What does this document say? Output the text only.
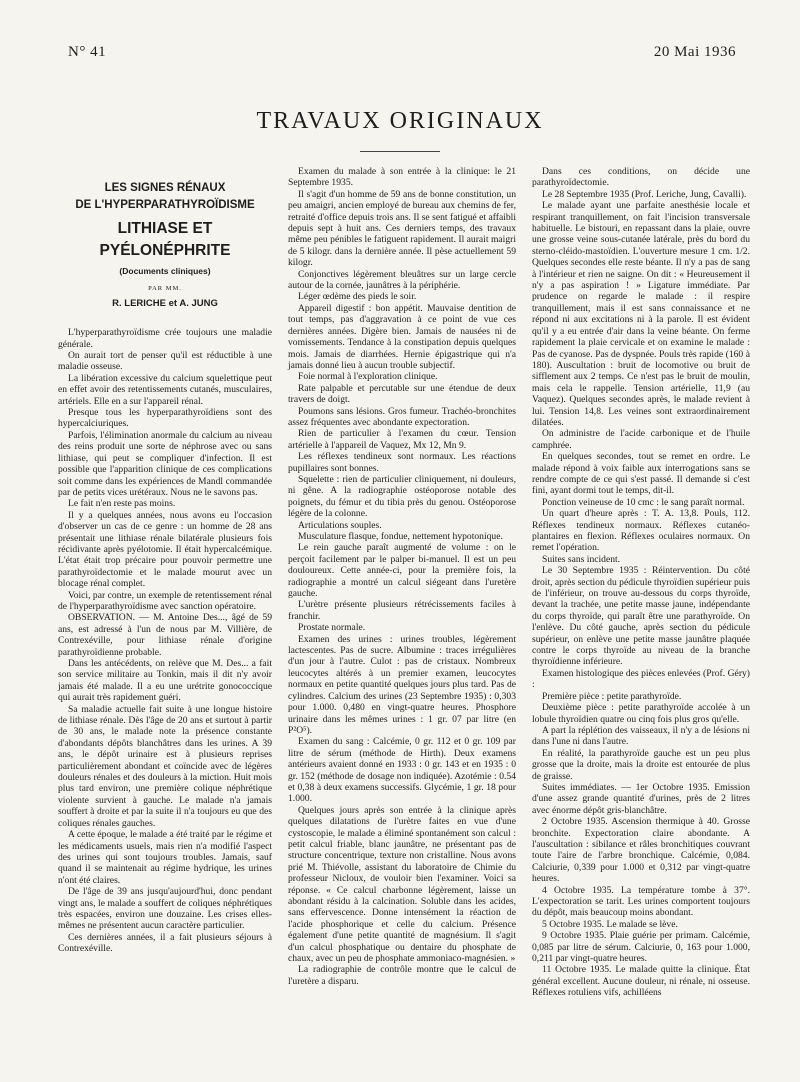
N° 41	20 Mai 1936
TRAVAUX ORIGINAUX
LES SIGNES RÉNAUX
DE L'HYPERPARATHYROÏDISME
LITHIASE ET PYÉLONÉPHRITE
(Documents cliniques)
PAR MM.
R. LERICHE et A. JUNG

L'hyperparathyroïdisme crée toujours une maladie générale.

On aurait tort de penser qu'il est réductible à une maladie osseuse.

La libération excessive du calcium squelettique peut en effet avoir des retentissements cutanés, musculaires, artériels. Elle en a sur l'appareil rénal.

Presque tous les hyperparathyroïdiens sont des hypercalciuriques.

Parfois, l'élimination anormale du calcium au niveau des reins produit une sorte de néphrose avec ou sans lithiase, qui peut se compliquer d'infection. Il est possible que l'apparition clinique de ces complications soit comme dans les expériences de Mandl commandée par de petits vices urétéraux. Nous ne le savons pas.

Le fait n'en reste pas moins.

Il y a quelques années, nous avons eu l'occasion d'observer un cas de ce genre : un homme de 28 ans présentait une lithiase rénale bilatérale plusieurs fois récidivante après pyélotomie. Il était hypercalcémique. L'état était trop précaire pour pouvoir permettre une parathyroïdectomie et le malade mourut avec un blocage rénal complet.

Voici, par contre, un exemple de retentissement rénal de l'hyperparathyroïdisme avec sanction opératoire.

OBSERVATION. — M. Antoine Des..., âgé de 59 ans, est adressé à l'un de nous par M. Villière, de Contrexéville, pour lithiase rénale d'origine parathyroïdienne probable.

Dans les antécédents, on relève que M. Des... a fait son service militaire au Tonkin, mais il dit n'y avoir jamais été malade. Il a eu une urétrite gonococcique qui aurait très rapidement guéri.

Sa maladie actuelle fait suite à une longue histoire de lithiase rénale. Dès l'âge de 20 ans et surtout à partir de 30 ans, le malade note la présence constante d'abondants dépôts blanchâtres dans les urines. A 39 ans, le dépôt urinaire est à plusieurs reprises particulièrement abondant et coïncide avec de légères douleurs rénales et des douleurs à la miction. Huit mois plus tard environ, une première colique néphrétique violente survient à gauche. Le malade n'a jamais souffert à droite et par la suite il n'a toujours eu que des coliques rénales gauches.

A cette époque, le malade a été traité par le régime et les médicaments usuels, mais rien n'a modifié l'aspect des urines qui sont toujours troubles. Jamais, sauf quand il se maintenait au régime hydrique, les urines n'ont été claires.

De l'âge de 39 ans jusqu'aujourd'hui, donc pendant vingt ans, le malade a souffert de coliques néphrétiques très espacées, environ une douzaine. Les crises elles-mêmes ne présentent aucun caractère particulier.

Ces dernières années, il a fait plusieurs séjours à Contrexéville.

Examen du malade à son entrée à la clinique: le 21 Septembre 1935.

Il s'agit d'un homme de 59 ans de bonne constitution, un peu amaigri, ancien employé de bureau aux chemins de fer, retraité d'office depuis trois ans. Il se sent fatigué et affaibli depuis sept à huit ans. Ces derniers temps, des travaux même peu pénibles le fatiguent rapidement. Il aurait maigri de 5 kilogr. dans la dernière année. Il pèse actuellement 59 kilogr.

Conjonctives légèrement bleuâtres sur un large cercle autour de la cornée, jaunâtres à la périphérie.

Léger œdème des pieds le soir.

Appareil digestif : bon appétit. Mauvaise dentition de tout temps, pas d'aggravation à ce point de vue ces dernières années. Digère bien. Jamais de nausées ni de vomissements. Tendance à la constipation depuis quelques mois. Jamais de diarrhées. Hernie épigastrique qui n'a jamais donné lieu à aucun trouble subjectif.

Foie normal à l'exploration clinique.

Rate palpable et percutable sur une étendue de deux travers de doigt.

Poumons sans lésions. Gros fumeur. Trachéo-bronchites assez fréquentes avec abondante expectoration.

Rien de particulier à l'examen du cœur. Tension artérielle à l'appareil de Vaquez, Mx 12, Mn 9.

Les réflexes tendineux sont normaux. Les réactions pupillaires sont bonnes.

Squelette : rien de particulier cliniquement, ni douleurs, ni gêne. A la radiographie ostéoporose notable des poignets, du fémur et du tibia près du genou. Ostéoporose légère de la colonne.

Articulations souples.

Musculature flasque, fondue, nettement hypotonique.

Le rein gauche paraît augmenté de volume : on le perçoit facilement par le palper bi-manuel. Il est un peu douloureux. Cette année-ci, pour la première fois, la radiographie a montré un calcul siégeant dans l'uretère gauche.

L'urètre présente plusieurs rétrécissements faciles à franchir.

Prostate normale.

Examen des urines : urines troubles, légèrement lactescentes. Pas de sucre. Albumine : traces irrégulières d'un jour à l'autre. Culot : pas de cristaux. Nombreux leucocytes altérés à un premier examen, leucocytes normaux en petite quantité quelques jours plus tard. Pas de cylindres. Calcium des urines (23 Septembre 1935) : 0,303 pour 1.000. 0,480 en vingt-quatre heures. Phosphore urinaire dans les mêmes urines : 1 gr. 07 par litre (en P²O⁵).

Examen du sang : Calcémie, 0 gr. 112 et 0 gr. 109 par litre de sérum (méthode de Hirth). Deux examens antérieurs avaient donné en 1933 : 0 gr. 143 et en 1935 : 0 gr. 152 (méthode de dosage non indiquée). Azotémie : 0.54 et 0,38 à deux examens successifs. Glycémie, 1 gr. 18 pour 1.000.

Quelques jours après son entrée à la clinique après quelques dilatations de l'urètre faites en vue d'une cystoscopie, le malade a éliminé spontanément son calcul : petit calcul friable, blanc jaunâtre, ne présentant pas de structure concentrique, texture non cristalline. Nous avons prié M. Thiévolle, assistant du laboratoire de Chimie du professeur Nicloux, de vouloir bien l'examiner. Voici sa réponse. « Ce calcul charbonne légèrement, laisse un abondant résidu à la calcination. Soluble dans les acides, sans effervescence. Donne intensément la réaction de l'acide phosphorique et celle du calcium. Présence également d'une petite quantité de magnésium. Il s'agit d'un calcul phosphatique ou dentaire du phosphate de chaux, avec un peu de phosphate ammoniaco-magnésien. »

La radiographie de contrôle montre que le calcul de l'uretère a disparu.

Dans ces conditions, on décide une parathyroïdectomie.

Le 28 Septembre 1935 (Prof. Leriche, Jung, Cavalli).

Le malade ayant une parfaite anesthésie locale et respirant tranquillement, on fait l'incision transversale habituelle. Le bistouri, en repassant dans la plaie, ouvre une grosse veine sous-cutanée latérale, près du bord du sterno-cléido-mastoïdien. L'ouverture mesure 1 cm. 1/2. Quelques secondes elle reste béante. Il n'y a pas de sang à l'intérieur et rien ne saigne. On dit : « Heureusement il n'y a pas aspiration ! » Ligature immédiate. Par prudence on regarde le malade : il respire tranquillement, mais il est sans connaissance et ne répond ni aux excitations ni à la parole. Il est évident qu'il y a eu entrée d'air dans la veine béante. On ferme rapidement la plaie cervicale et on examine le malade : Pas de cyanose. Pas de dyspnée. Pouls très rapide (160 à 180). Auscultation : bruit de locomotive ou bruit de sifflement aux 2 temps. Ce n'est pas le bruit de moulin, mais cela le rappelle. Tension artérielle, 11,9 (au Vaquez). Quelques secondes après, le malade revient à lui. Tension 14,8. Les veines sont extraordinairement dilatées.

On administre de l'acide carbonique et de l'huile camphrée.

En quelques secondes, tout se remet en ordre. Le malade répond à voix faible aux interrogations sans se rendre compte de ce qui s'est passé. Il demande si c'est fini, ayant dormi tout le temps, dit-il.

Ponction veineuse de 10 cmc : le sang paraît normal.

Un quart d'heure après : T. A. 13,8. Pouls, 112. Réflexes tendineux normaux. Réflexes cutanéo-plantaires en flexion. Réflexes oculaires normaux. On remet l'opération.

Suites sans incident.

Le 30 Septembre 1935 : Réintervention. Du côté droit, après section du pédicule thyroïdien supérieur puis de l'inférieur, on trouve au-dessous du corps thyroïde, devant la trachée, une petite masse jaune, indépendante du corps thyroïde, qui paraît être une parathyroïde. On l'enlève. Du côté gauche, après section du pédicule supérieur, on enlève une petite masse jaunâtre plaquée contre le corps thyroïde au niveau de la branche thyroïdienne inférieure.

Examen histologique des pièces enlevées (Prof. Géry) :

Première pièce : petite parathyroïde.

Deuxième pièce : petite parathyroïde accolée à un lobule thyroïdien quatre ou cinq fois plus gros qu'elle.

A part la réplétion des vaisseaux, il n'y a de lésions ni dans l'une ni dans l'autre.

En réalité, la parathyroïde gauche est un peu plus grosse que la droite, mais la droite est entourée de plus de graisse.

Suites immédiates. — 1er Octobre 1935. Emission d'une assez grande quantité d'urines, près de 2 litres avec énorme dépôt gris-blanchâtre.

2 Octobre 1935. Ascension thermique à 40. Grosse bronchite. Expectoration claire abondante. A l'auscultation : sibilance et râles bronchitiques couvrant toute l'aire de l'arbre bronchique. Calcémie, 0,084. Calciurie, 0,339 pour 1.000 et 0,312 par vingt-quatre heures.

4 Octobre 1935. La température tombe à 37°. L'expectoration se tarit. Les urines comportent toujours du dépôt, mais beaucoup moins abondant.

5 Octobre 1935. Le malade se lève.

9 Octobre 1935. Plaie guérie per primam. Calcémie, 0,085 par litre de sérum. Calciurie, 0, 163 pour 1.000, 0,211 par vingt-quatre heures.

11 Octobre 1935. Le malade quitte la clinique. État général excellent. Aucune douleur, ni rénale, ni osseuse. Réflexes rotuliens vifs, achilléens
